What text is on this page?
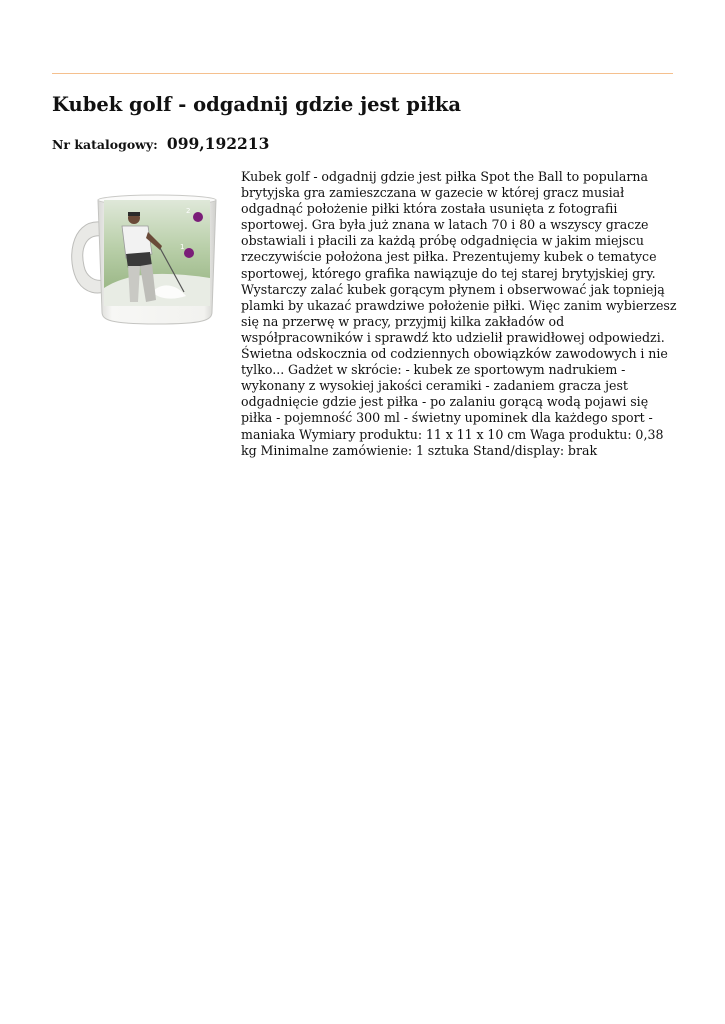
Kubek golf - odgadnij gdzie jest piłka
Nr katalogowy: 099,192213
2
1

Kubek golf - odgadnij gdzie jest piłka Spot the Ball to popularna brytyjska gra zamieszczana w gazecie w której gracz musiał odgadnąć położenie piłki która została usunięta z fotografii sportowej. Gra była już znana w latach 70 i 80 a wszyscy gracze obstawiali i płacili za każdą próbę odgadnięcia w jakim miejscu rzeczywiście położona jest piłka. Prezentujemy kubek o tematyce sportowej, którego grafika nawiązuje do tej starej brytyjskiej gry. Wystarczy zalać kubek gorącym płynem i obserwować jak topnieją plamki by ukazać prawdziwe położenie piłki. Więc zanim wybierzesz się na przerwę w pracy, przyjmij kilka zakładów od współpracowników i sprawdź kto udzielił prawidłowej odpowiedzi. Świetna odskocznia od codziennych obowiązków zawodowych i nie tylko... Gadżet w skrócie: - kubek ze sportowym nadrukiem - wykonany z wysokiej jakości ceramiki - zadaniem gracza jest odgadnięcie gdzie jest piłka - po zalaniu gorącą wodą pojawi się piłka - pojemność 300 ml - świetny upominek dla każdego sport - maniaka Wymiary produktu: 11 x 11 x 10 cm Waga produktu: 0,38 kg Minimalne zamówienie: 1 sztuka Stand/display: brak
